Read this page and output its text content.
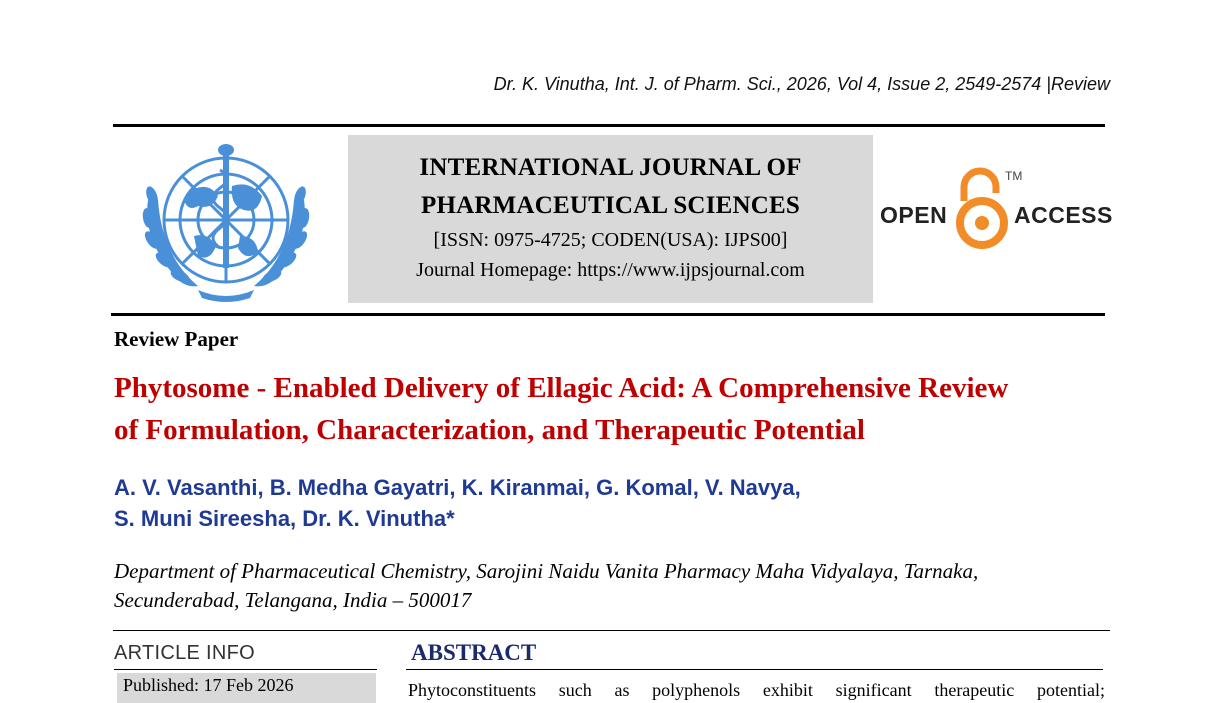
Dr. K. Vinutha, Int. J. of Pharm. Sci., 2026, Vol 4, Issue 2, 2549-2574 |Review
INTERNATIONAL JOURNAL OF
PHARMACEUTICAL SCIENCES
[ISSN: 0975-4725; CODEN(USA): IJPS00]
Journal Homepage: https://www.ijpsjournal.com
OPEN
TM
ACCESS
Review Paper
Phytosome - Enabled Delivery of Ellagic Acid: A Comprehensive Review
of Formulation, Characterization, and Therapeutic Potential
A. V. Vasanthi, B. Medha Gayatri, K. Kiranmai, G. Komal, V. Navya,
S. Muni Sireesha, Dr. K. Vinutha*
Department of Pharmaceutical Chemistry, Sarojini Naidu Vanita Pharmacy Maha Vidyalaya, Tarnaka,
Secunderabad, Telangana, India – 500017
ARTICLE INFO
Published: 17 Feb 2026
ABSTRACT
Phytoconstituents such as polyphenols exhibit significant therapeutic potential;
